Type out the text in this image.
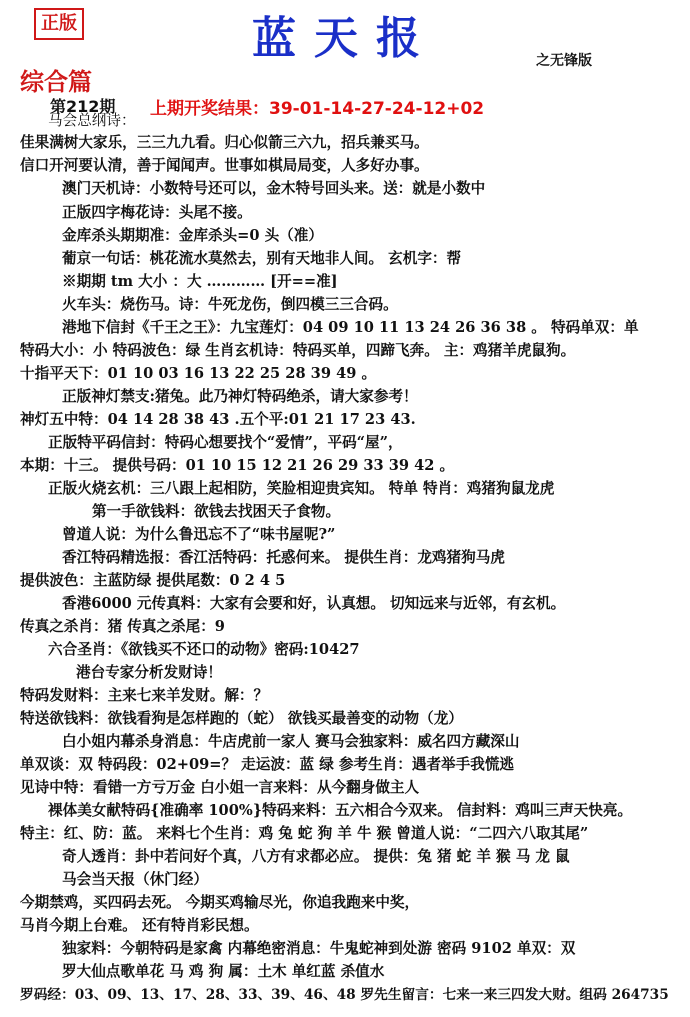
正版	蓝天报	之无锋版
综合篇
第212期 上期开奖结果：39-01-14-27-24-12+02
马会总纲诗：
佳果满树大家乐，三三九九看。归心似箭三六九，招兵兼买马。
信口开河要认清，善于闻闻声。世事如棋局局变，人多好办事。
澳门天机诗：小数特号还可以，金木特号回头来。送：就是小数中
正版四字梅花诗：头尾不接。
金库杀头期期准：金库杀头=0 头（准）
葡京一句话：桃花流水莫然去，别有天地非人间。 玄机字：帮
※期期 tm 大小 ：大 ………… [开==准]
火车头：烧伤马。诗：牛死龙伤，倒四模三三合码。
港地下信封《千王之王》：九宝莲灯：04 09 10 11 13 24 26 36 38 。 特码单双：单
特码大小：小 特码波色：绿 生肖玄机诗：特码买单，四蹄飞奔。 主：鸡猪羊虎鼠狗。
十指平天下：01 10 03 16 13 22 25 28 39 49 。
正版神灯禁支:猪兔。此乃神灯特码绝杀，请大家参考！
神灯五中特：04 14 28 38 43 .五个平:01 21 17 23 43.
正版特平码信封：特码心想要找个“爱情”，平码“屋”，
本期：十三。 提供号码：01 10 15 12 21 26 29 33 39 42 。
正版火烧玄机：三八跟上起相防，笑脸相迎贵宾知。 特单 特肖：鸡猪狗鼠龙虎
第一手欲钱料：欲钱去找困天子食物。
曾道人说：为什么鲁迅忘不了“味书屋呢?”
香江特码精选报：香江活特码：托惑何来。 提供生肖：龙鸡猪狗马虎
提供波色：主蓝防绿 提供尾数：0 2 4 5
香港6000 元传真料：大家有会要和好，认真想。 切知远来与近邻，有玄机。
传真之杀肖：猪 传真之杀尾：9
六合圣肖：《欲钱买不还口的动物》密码:10427
港台专家分析发财诗！
特码发财料：主来七来羊发财。解：？
特送欲钱料：欲钱看狗是怎样跑的（蛇） 欲钱买最善变的动物（龙）
白小姐内幕杀身消息：牛店虎前一家人 赛马会独家料：威名四方藏深山
单双谈：双 特码段：02+09=？ 走运波：蓝 绿 参考生肖：遇者举手我慌逃
见诗中特：看错一方亏万金 白小姐一言来料：从今翻身做主人
裸体美女献特码{准确率 100%}特码来料：五六相合今双来。 信封料：鸡叫三声天快亮。
特主：红、防：蓝。 来料七个生肖：鸡 兔 蛇 狗 羊 牛 猴 曾道人说：“二四六八取其尾”
奇人透肖：卦中若问好个真，八方有求都必应。 提供：兔 猪 蛇 羊 猴 马 龙 鼠
马会当天报（休门经）
今期禁鸡，买四码去死。 今期买鸡输尽光，你追我跑来中奖，
马肖今期上台难。 还有特肖彩民想。
独家料：今朝特码是家禽 内幕绝密消息：牛鬼蛇神到处游 密码 9102 单双：双
罗大仙点歌单花 马 鸡 狗 属：土木 单红蓝 杀值水
罗码经：03、09、13、17、28、33、39、46、48 罗先生留言：七来一来三四发大财。组码 264735
